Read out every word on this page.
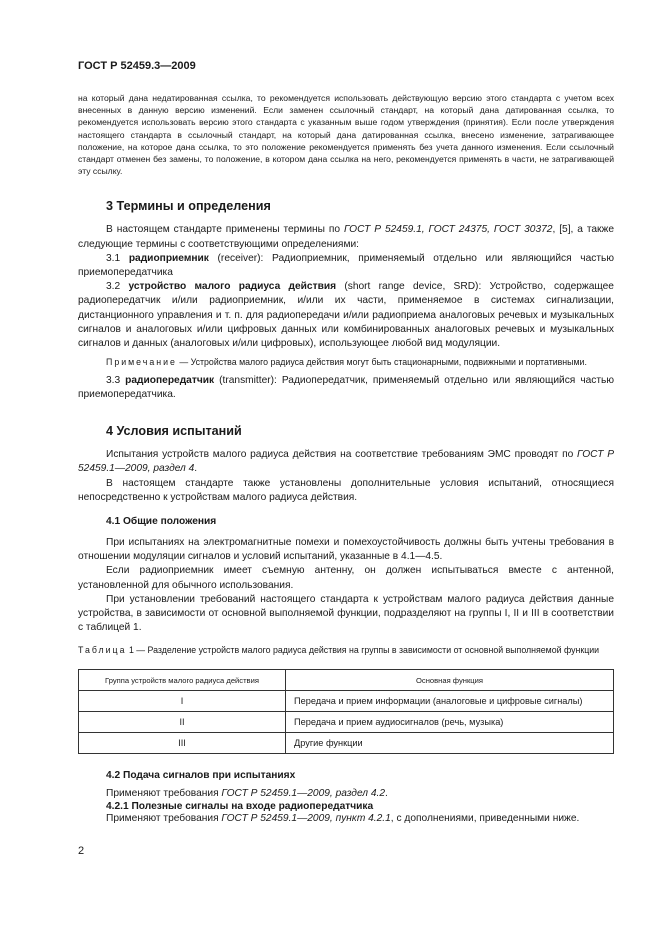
ГОСТ Р 52459.3—2009

на который дана недатированная ссылка, то рекомендуется использовать действующую версию этого стандарта с учетом всех внесенных в данную версию изменений. Если заменен ссылочный стандарт, на который дана датированная ссылка, то рекомендуется использовать версию этого стандарта с указанным выше годом утверждения (принятия). Если после утверждения настоящего стандарта в ссылочный стандарт, на который дана датированная ссылка, внесено изменение, затрагивающее положение, на которое дана ссылка, то это положение рекомендуется применять без учета данного изменения. Если ссылочный стандарт отменен без замены, то положение, в котором дана ссылка на него, рекомендуется применять в части, не затрагивающей эту ссылку.

3 Термины и определения

В настоящем стандарте применены термины по ГОСТ Р 52459.1, ГОСТ 24375, ГОСТ 30372, [5], а также следующие термины с соответствующими определениями:

3.1 радиоприемник (receiver): Радиоприемник, применяемый отдельно или являющийся частью приемопередатчика

3.2 устройство малого радиуса действия (short range device, SRD): Устройство, содержащее радиопередатчик и/или радиоприемник, и/или их части, применяемое в системах сигнализации, дистанционного управления и т. п. для радиопередачи и/или радиоприема аналоговых речевых и музыкальных сигналов и аналоговых и/или цифровых данных или комбинированных аналоговых речевых и музыкальных сигналов и данных (аналоговых и/или цифровых), использующее любой вид модуляции.

Примечание — Устройства малого радиуса действия могут быть стационарными, подвижными и портативными.

3.3 радиопередатчик (transmitter): Радиопередатчик, применяемый отдельно или являющийся частью приемопередатчика.

4 Условия испытаний

Испытания устройств малого радиуса действия на соответствие требованиям ЭМС проводят по ГОСТ Р 52459.1—2009, раздел 4.

В настоящем стандарте также установлены дополнительные условия испытаний, относящиеся непосредственно к устройствам малого радиуса действия.

4.1 Общие положения

При испытаниях на электромагнитные помехи и помехоустойчивость должны быть учтены требования в отношении модуляции сигналов и условий испытаний, указанные в 4.1—4.5.

Если радиоприемник имеет съемную антенну, он должен испытываться вместе с антенной, установленной для обычного использования.

При установлении требований настоящего стандарта к устройствам малого радиуса действия данные устройства, в зависимости от основной выполняемой функции, подразделяют на группы I, II и III в соответствии с таблицей 1.

Таблица 1 — Разделение устройств малого радиуса действия на группы в зависимости от основной выполняемой функции

Группа устройств малого радиуса действия	Основная функция
I	Передача и прием информации (аналоговые и цифровые сигналы)
II	Передача и прием аудиосигналов (речь, музыка)
III	Другие функции
4.2 Подача сигналов при испытаниях

Применяют требования ГОСТ Р 52459.1—2009, раздел 4.2.

4.2.1 Полезные сигналы на входе радиопередатчика

Применяют требования ГОСТ Р 52459.1—2009, пункт 4.2.1, с дополнениями, приведенными ниже.

2
